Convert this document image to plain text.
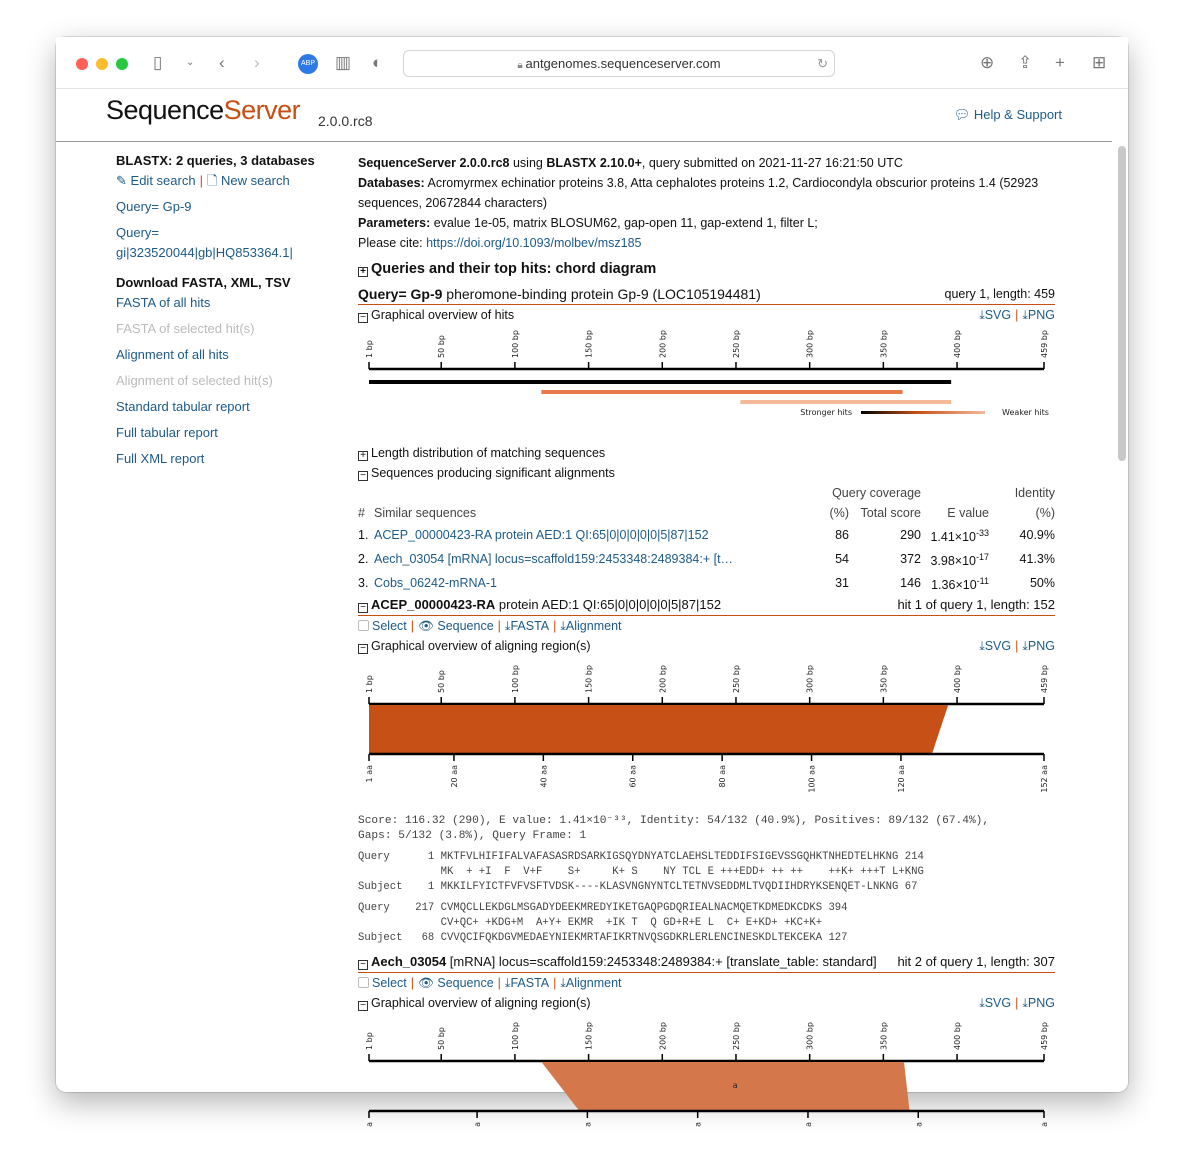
▯ ⌄ ‹ ›	ABP ▥ ◐	🔒︎ antgenomes.sequenceserver.com	↻	⊕ ⇪ + ⊞
SequenceServer 2.0.0.rc8	💬︎ Help & Support
BLASTX: 2 queries, 3 databases
✎ Edit search | 🗋 New search
Query= Gp-9
Query= gi|323520044|gb|HQ853364.1|
Download FASTA, XML, TSV
FASTA of all hits
FASTA of selected hit(s)
Alignment of all hits
Alignment of selected hit(s)
Standard tabular report
Full tabular report
Full XML report
SequenceServer 2.0.0.rc8 using BLASTX 2.10.0+, query submitted on 2021-11-27 16:21:50 UTC
Databases: Acromyrmex echinatior proteins 3.8, Atta cephalotes proteins 1.2, Cardiocondyla obscurior proteins 1.4 (52923 sequences, 20672844 characters)
Parameters: evalue 1e-05, matrix BLOSUM62, gap-open 11, gap-extend 1, filter L;
Please cite: https://doi.org/10.1093/molbev/msz185
+ Queries and their top hits: chord diagram
Query= Gp-9 pheromone-binding protein Gp-9 (LOC105194481)	query 1, length: 459
− Graphical overview of hits	⤓SVG | ⤓PNG
1 bp	50 bp	100 bp	150 bp	200 bp	250 bp	300 bp	350 bp	400 bp	459 bp
Stronger hits	Weaker hits
+ Length distribution of matching sequences
− Sequences producing significant alignments
		Query coverage			Identity
#	Similar sequences	(%)	Total score	E value	(%)
1.	ACEP_00000423-RA protein AED:1 QI:65|0|0|0|0|0|5|87|152	86	290	$1.41\times 10^{-33}$	40.9%
2.	Aech_03054 [mRNA] locus=scaffold159:2453348:2489384:+ [t…	54	372	$3.98\times 10^{-17}$	41.3%
3.	Cobs_06242-mRNA-1	31	146	$1.36\times 10^{-11}$	50%
− ACEP_00000423-RA protein AED:1 QI:65|0|0|0|0|0|5|87|152	hit 1 of query 1, length: 152
Select | 👁︎ Sequence | ⤓FASTA | ⤓Alignment
− Graphical overview of aligning region(s)	⤓SVG | ⤓PNG
1 bp	50 bp	100 bp	150 bp	200 bp	250 bp	300 bp	350 bp	400 bp	459 bp
1 aa	20 aa	40 aa	60 aa	80 aa	100 aa	120 aa	152 aa
Score: 116.32 (290), E value: 1.41×10⁻³³, Identity: 54/132 (40.9%), Positives: 89/132 (67.4%),
Gaps: 5/132 (3.8%), Query Frame: 1
Query      1 MKTFVLHIFIFALVAFASASRDSARKIGSQYDNYATCLAEHSLTEDDIFSIGEVSSGQHKTNHEDTELHKNG 214
MK  + +I  F  V+F    S+     K+ S    NY TCL E +++EDD+ ++ ++    ++K+ +++T L+KNG
Subject    1 MKKILFYICTFVFVSFTVDSK----KLASVNGNYNTCLTETNVSEDDMLTVQDIIHDRYKSENQET-LNKNG 67
Query    217 CVMQCLLEKDGLMSGADYDEEKMREDYIKETGAQPGDQRIEALNACMQETKDMEDKCDKS 394
CV+QC+ +KDG+M  A+Y+ EKMR  +IK T  Q GD+R+E L  C+ E+KD+ +KC+K+
Subject   68 CVVQCIFQKDGVMEDAEYNIEKMRTAFIKRTNVQSGDKRLERLENCINESKDLTEKCEKA 127
− Aech_03054 [mRNA] locus=scaffold159:2453348:2489384:+ [translate_table: standard] hit 2 of query 1, length: 307
Select | 👁︎ Sequence | ⤓FASTA | ⤓Alignment
− Graphical overview of aligning region(s)	⤓SVG | ⤓PNG
1 bp	50 bp	100 bp	150 bp	200 bp	250 bp	300 bp	350 bp	400 bp	459 bp
a	a	a	a	a	a	a
a
